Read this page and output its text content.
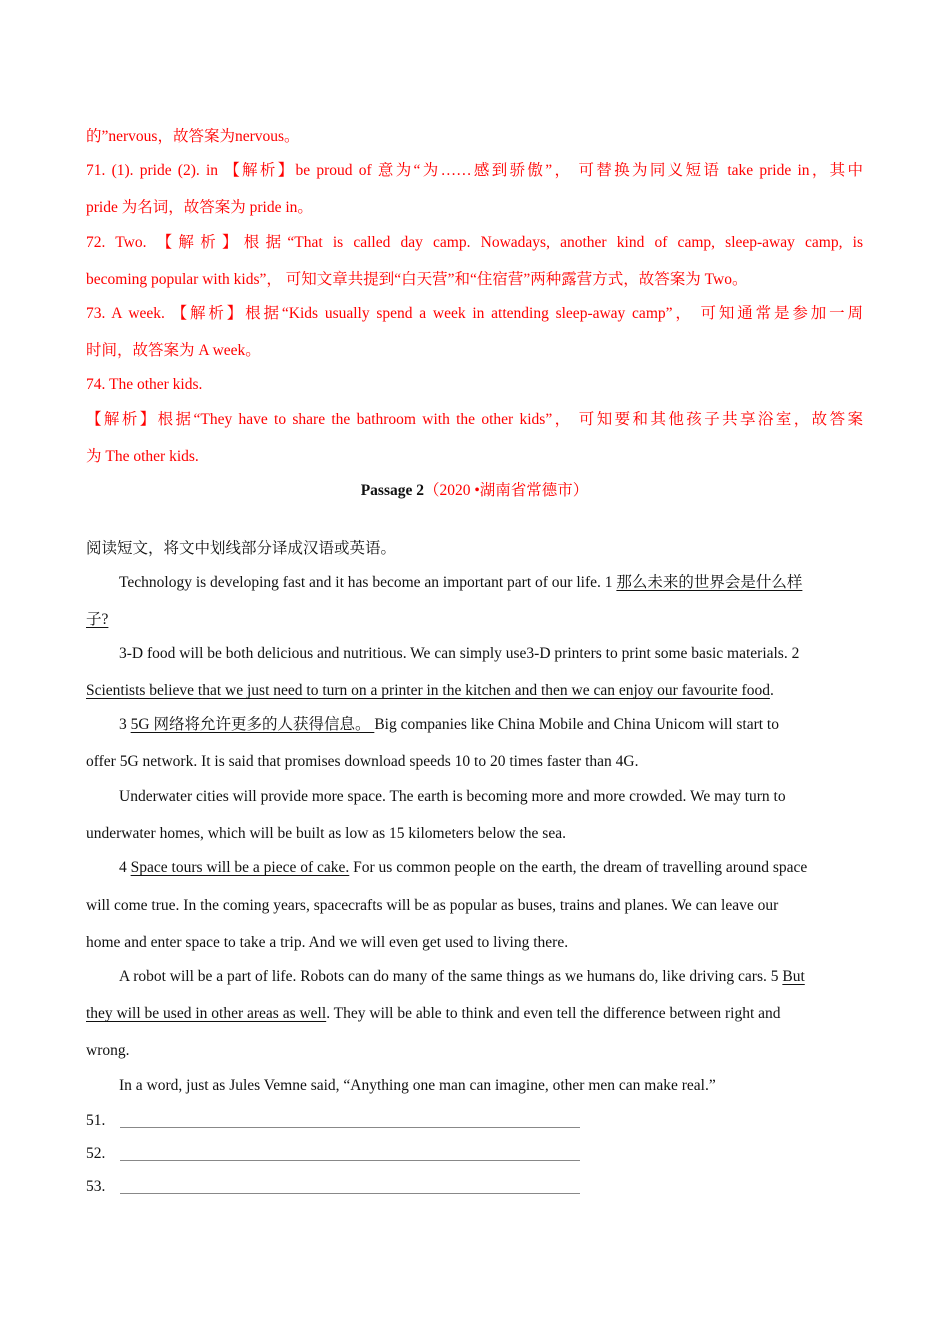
的”nervous，故答案为nervous。
71. (1). pride (2). in 【解析】be proud of 意为“为……感到骄傲”， 可替换为同义短语 take pride in，其中
pride 为名词，故答案为 pride in。
72. Two. 【解析】根据“That is called day camp. Nowadays, another kind of camp, sleep-away camp, is
becoming popular with kids”， 可知文章共提到“白天营”和“住宿营”两种露营方式，故答案为 Two。
73. A week. 【解析】根据“Kids usually spend a week in attending sleep-away camp”， 可知通常是参加一周
时间，故答案为 A week。
74. The other kids.
【解析】根据“They have to share the bathroom with the other kids”， 可知要和其他孩子共享浴室，故答案
为 The other kids.
Passage 2（2020 •湖南省常德市）
阅读短文，将文中划线部分译成汉语或英语。
Technology is developing fast and it has become an important part of our life. 1 那么未来的世界会是什么样
子?
3-D food will be both delicious and nutritious. We can simply use3-D printers to print some basic materials. 2
Scientists believe that we just need to turn on a printer in the kitchen and then we can enjoy our favourite food.
3 5G 网络将允许更多的人获得信息。 Big companies like China Mobile and China Unicom will start to
offer 5G network. It is said that promises download speeds 10 to 20 times faster than 4G.
Underwater cities will provide more space. The earth is becoming more and more crowded. We may turn to
underwater homes, which will be built as low as 15 kilometers below the sea.
4 Space tours will be a piece of cake. For us common people on the earth, the dream of travelling around space
will come true. In the coming years, spacecrafts will be as popular as buses, trains and planes. We can leave our
home and enter space to take a trip. And we will even get used to living there.
A robot will be a part of life. Robots can do many of the same things as we humans do, like driving cars. 5 But
they will be used in other areas as well. They will be able to think and even tell the difference between right and
wrong.
In a word, just as Jules Vemne said, “Anything one man can imagine, other men can make real.”
51.
52.
53.
